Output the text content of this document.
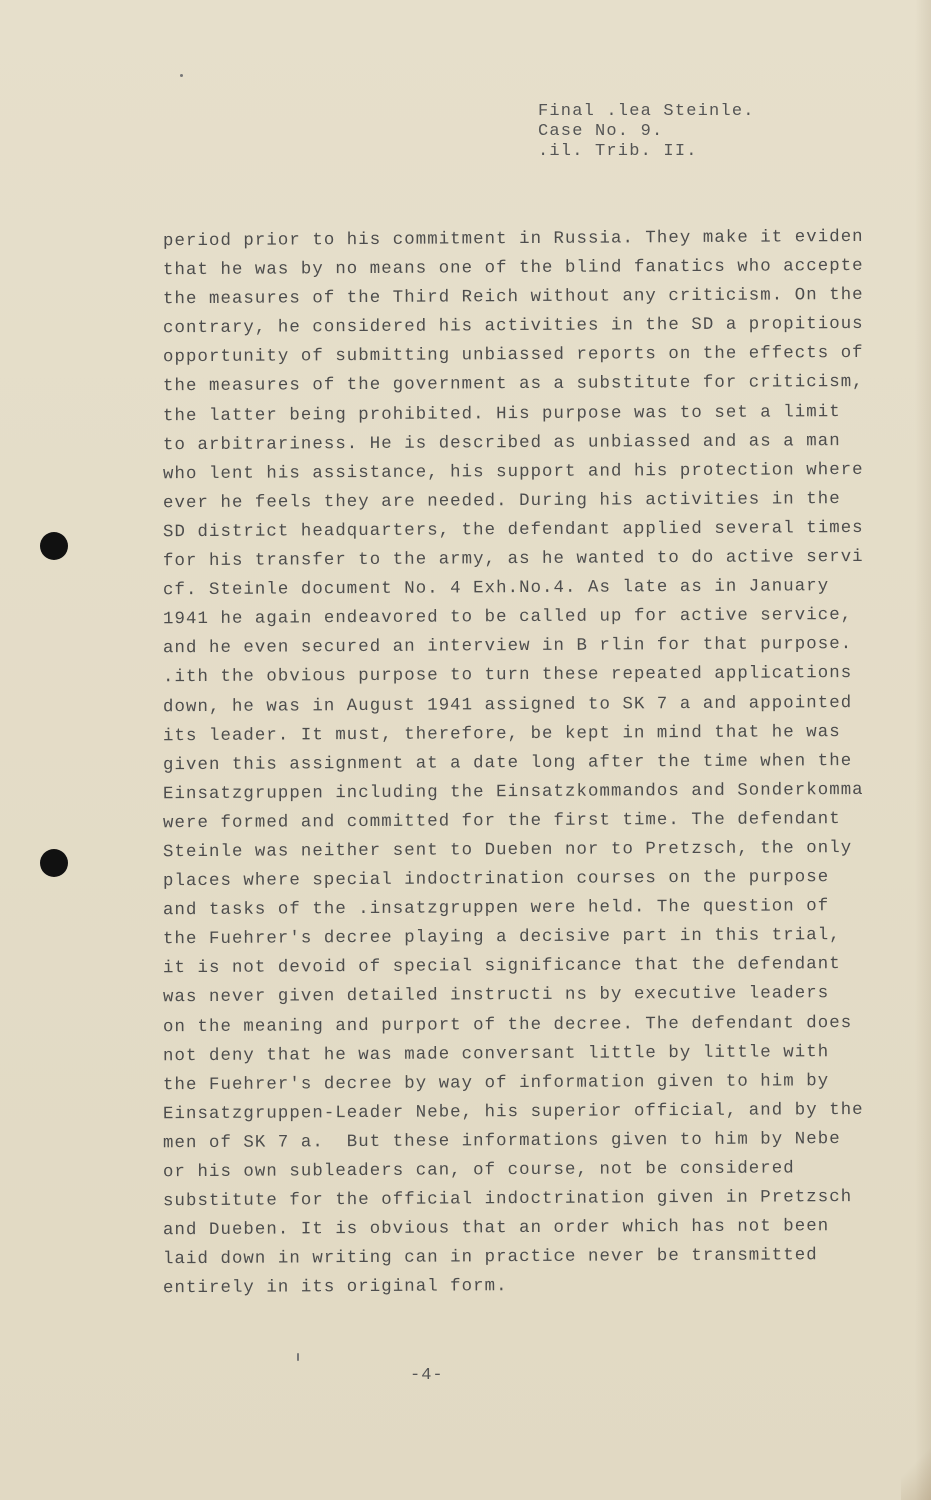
Final .lea Steinle.
Case No. 9.
.il. Trib. II.
period prior to his commitment in Russia. They make it eviden
that he was by no means one of the blind fanatics who accepte
the measures of the Third Reich without any criticism. On the
contrary, he considered his activities in the SD a propitious
opportunity of submitting unbiassed reports on the effects of
the measures of the government as a substitute for criticism,
the latter being prohibited. His purpose was to set a limit
to arbitrariness. He is described as unbiassed and as a man
who lent his assistance, his support and his protection where
ever he feels they are needed. During his activities in the
SD district headquarters, the defendant applied several times
for his transfer to the army, as he wanted to do active servi
cf. Steinle document No. 4 Exh.No.4. As late as in January
1941 he again endeavored to be called up for active service,
and he even secured an interview in B rlin for that purpose.
.ith the obvious purpose to turn these repeated applications
down, he was in August 1941 assigned to SK 7 a and appointed
its leader. It must, therefore, be kept in mind that he was
given this assignment at a date long after the time when the
Einsatzgruppen including the Einsatzkommandos and Sonderkomma
were formed and committed for the first time. The defendant
Steinle was neither sent to Dueben nor to Pretzsch, the only
places where special indoctrination courses on the purpose
and tasks of the .insatzgruppen were held. The question of
the Fuehrer's decree playing a decisive part in this trial,
it is not devoid of special significance that the defendant
was never given detailed instructi ns by executive leaders
on the meaning and purport of the decree. The defendant does
not deny that he was made conversant little by little with
the Fuehrer's decree by way of information given to him by
Einsatzgruppen-Leader Nebe, his superior official, and by the
men of SK 7 a.  But these informations given to him by Nebe
or his own subleaders can, of course, not be considered
substitute for the official indoctrination given in Pretzsch
and Dueben. It is obvious that an order which has not been
laid down in writing can in practice never be transmitted
entirely in its original form.
-4-
